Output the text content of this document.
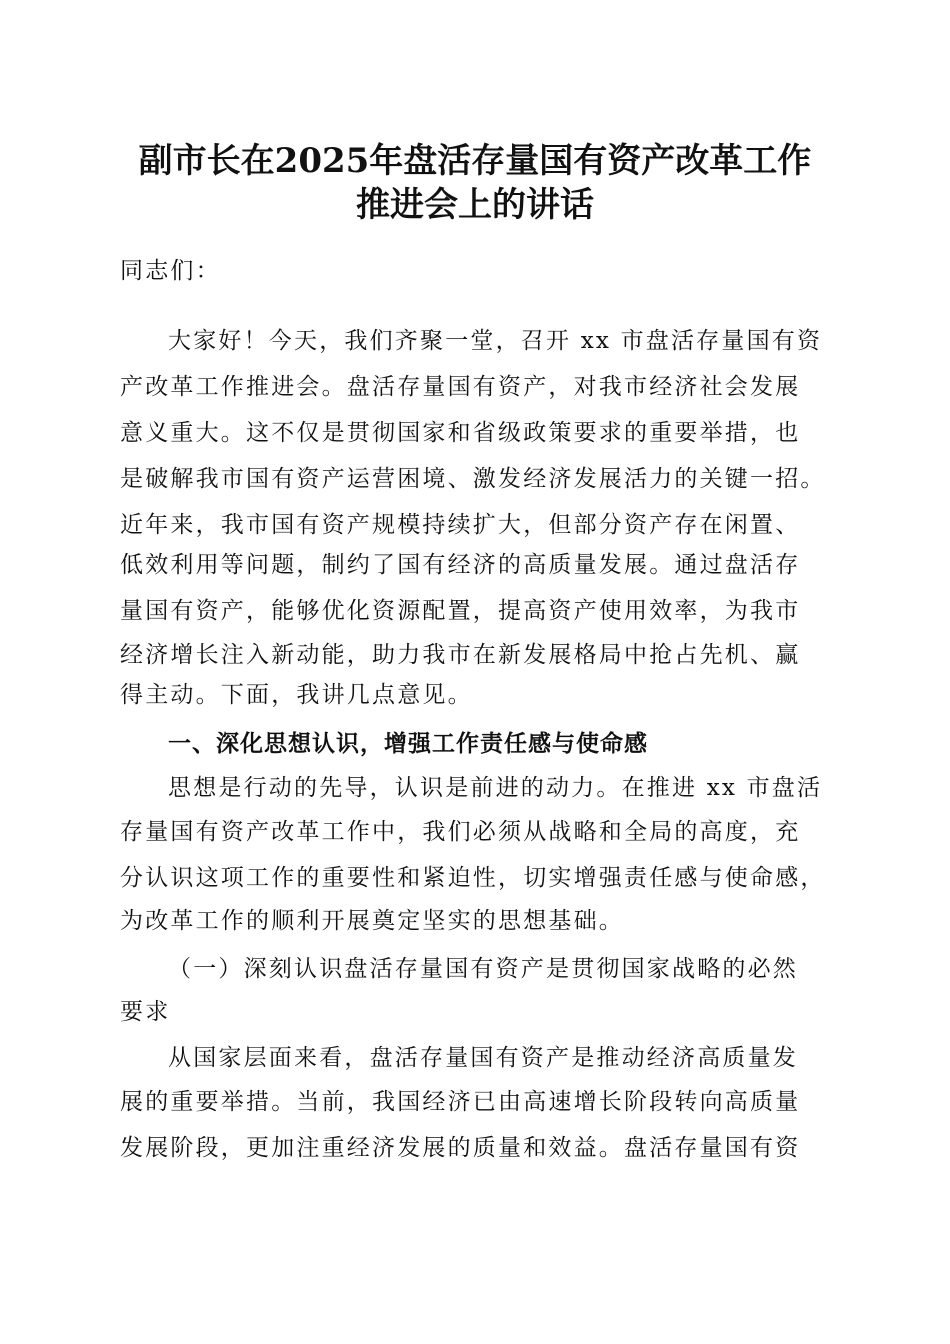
副市长在2025年盘活存量国有资产改革工作
推进会上的讲话

同志们：

大家好！今天，我们齐聚一堂，召开 xx 市盘活存量国有资

产改革工作推进会。盘活存量国有资产，对我市经济社会发展

意义重大。这不仅是贯彻国家和省级政策要求的重要举措，也

是破解我市国有资产运营困境、激发经济发展活力的关键一招。

近年来，我市国有资产规模持续扩大，但部分资产存在闲置、

低效利用等问题，制约了国有经济的高质量发展。通过盘活存

量国有资产，能够优化资源配置，提高资产使用效率，为我市

经济增长注入新动能，助力我市在新发展格局中抢占先机、赢

得主动。下面，我讲几点意见。

一、深化思想认识，增强工作责任感与使命感

思想是行动的先导，认识是前进的动力。在推进 xx 市盘活

存量国有资产改革工作中，我们必须从战略和全局的高度，充

分认识这项工作的重要性和紧迫性，切实增强责任感与使命感，

为改革工作的顺利开展奠定坚实的思想基础。

（一）深刻认识盘活存量国有资产是贯彻国家战略的必然

要求

从国家层面来看，盘活存量国有资产是推动经济高质量发

展的重要举措。当前，我国经济已由高速增长阶段转向高质量

发展阶段，更加注重经济发展的质量和效益。盘活存量国有资
